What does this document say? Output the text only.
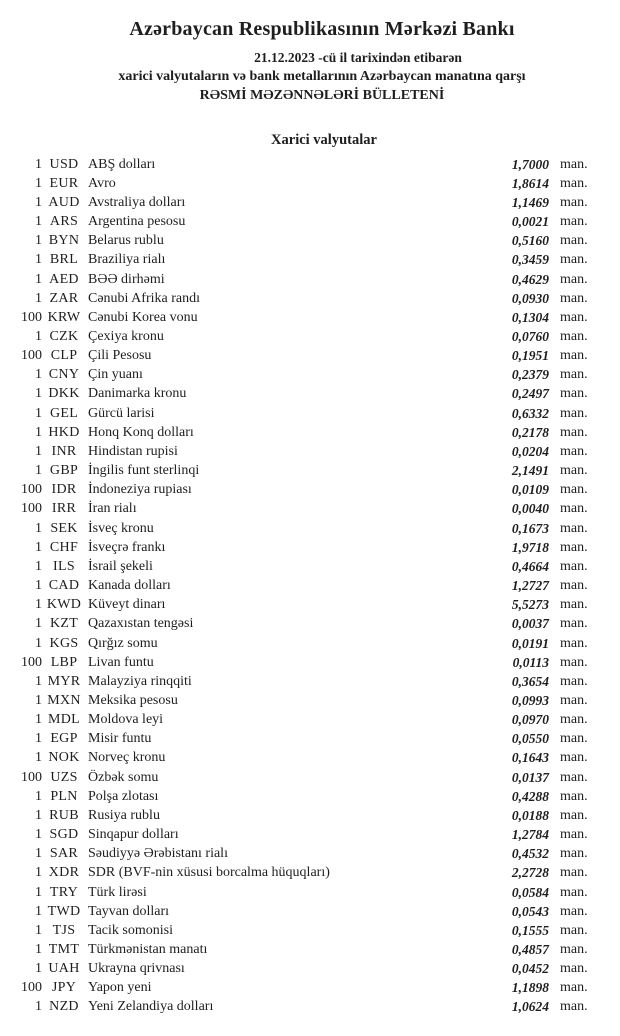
Azərbaycan Respublikasının Mərkəzi Bankı

21.12.2023 -cü il tarixindən etibarən

xarici valyutaların və bank metallarının Azərbaycan manatına qarşı

RƏSMİ MƏZƏNNƏLƏRİ BÜLLETENİ

Xarici valyutalar
1 USD ABŞ dolları	1,7000 man.
1 EUR Avro	1,8614 man.
1 AUD Avstraliya dolları	1,1469 man.
1 ARS Argentina pesosu	0,0021 man.
1 BYN Belarus rublu	0,5160 man.
1 BRL Braziliya rialı	0,3459 man.
1 AED BƏƏ dirhəmi	0,4629 man.
1 ZAR Cənubi Afrika randı	0,0930 man.
100 KRW Cənubi Korea vonu	0,1304 man.
1 CZK Çexiya kronu	0,0760 man.
100 CLP Çili Pesosu	0,1951 man.
1 CNY Çin yuanı	0,2379 man.
1 DKK Danimarka kronu	0,2497 man.
1 GEL Gürcü larisi	0,6332 man.
1 HKD Honq Konq dolları	0,2178 man.
1 INR Hindistan rupisi	0,0204 man.
1 GBP İngilis funt sterlinqi	2,1491 man.
100 IDR İndoneziya rupiası	0,0109 man.
100 IRR İran rialı	0,0040 man.
1 SEK İsveç kronu	0,1673 man.
1 CHF İsveçrə frankı	1,9718 man.
1 ILS İsrail şekeli	0,4664 man.
1 CAD Kanada dolları	1,2727 man.
1 KWD Küveyt dinarı	5,5273 man.
1 KZT Qazaxıstan tengəsi	0,0037 man.
1 KGS Qırğız somu	0,0191 man.
100 LBP Livan funtu	0,0113 man.
1 MYR Malayziya rinqqiti	0,3654 man.
1 MXN Meksika pesosu	0,0993 man.
1 MDL Moldova leyi	0,0970 man.
1 EGP Misir funtu	0,0550 man.
1 NOK Norveç kronu	0,1643 man.
100 UZS Özbək somu	0,0137 man.
1 PLN Polşa zlotası	0,4288 man.
1 RUB Rusiya rublu	0,0188 man.
1 SGD Sinqapur dolları	1,2784 man.
1 SAR Səudiyyə Ərəbistanı rialı	0,4532 man.
1 XDR SDR (BVF-nin xüsusi borcalma hüquqları)	2,2728 man.
1 TRY Türk lirəsi	0,0584 man.
1 TWD Tayvan dolları	0,0543 man.
1 TJS Tacik somonisi	0,1555 man.
1 TMT Türkmənistan manatı	0,4857 man.
1 UAH Ukrayna qrivnası	0,0452 man.
100 JPY Yapon yeni	1,1898 man.
1 NZD Yeni Zelandiya dolları	1,0624 man.
